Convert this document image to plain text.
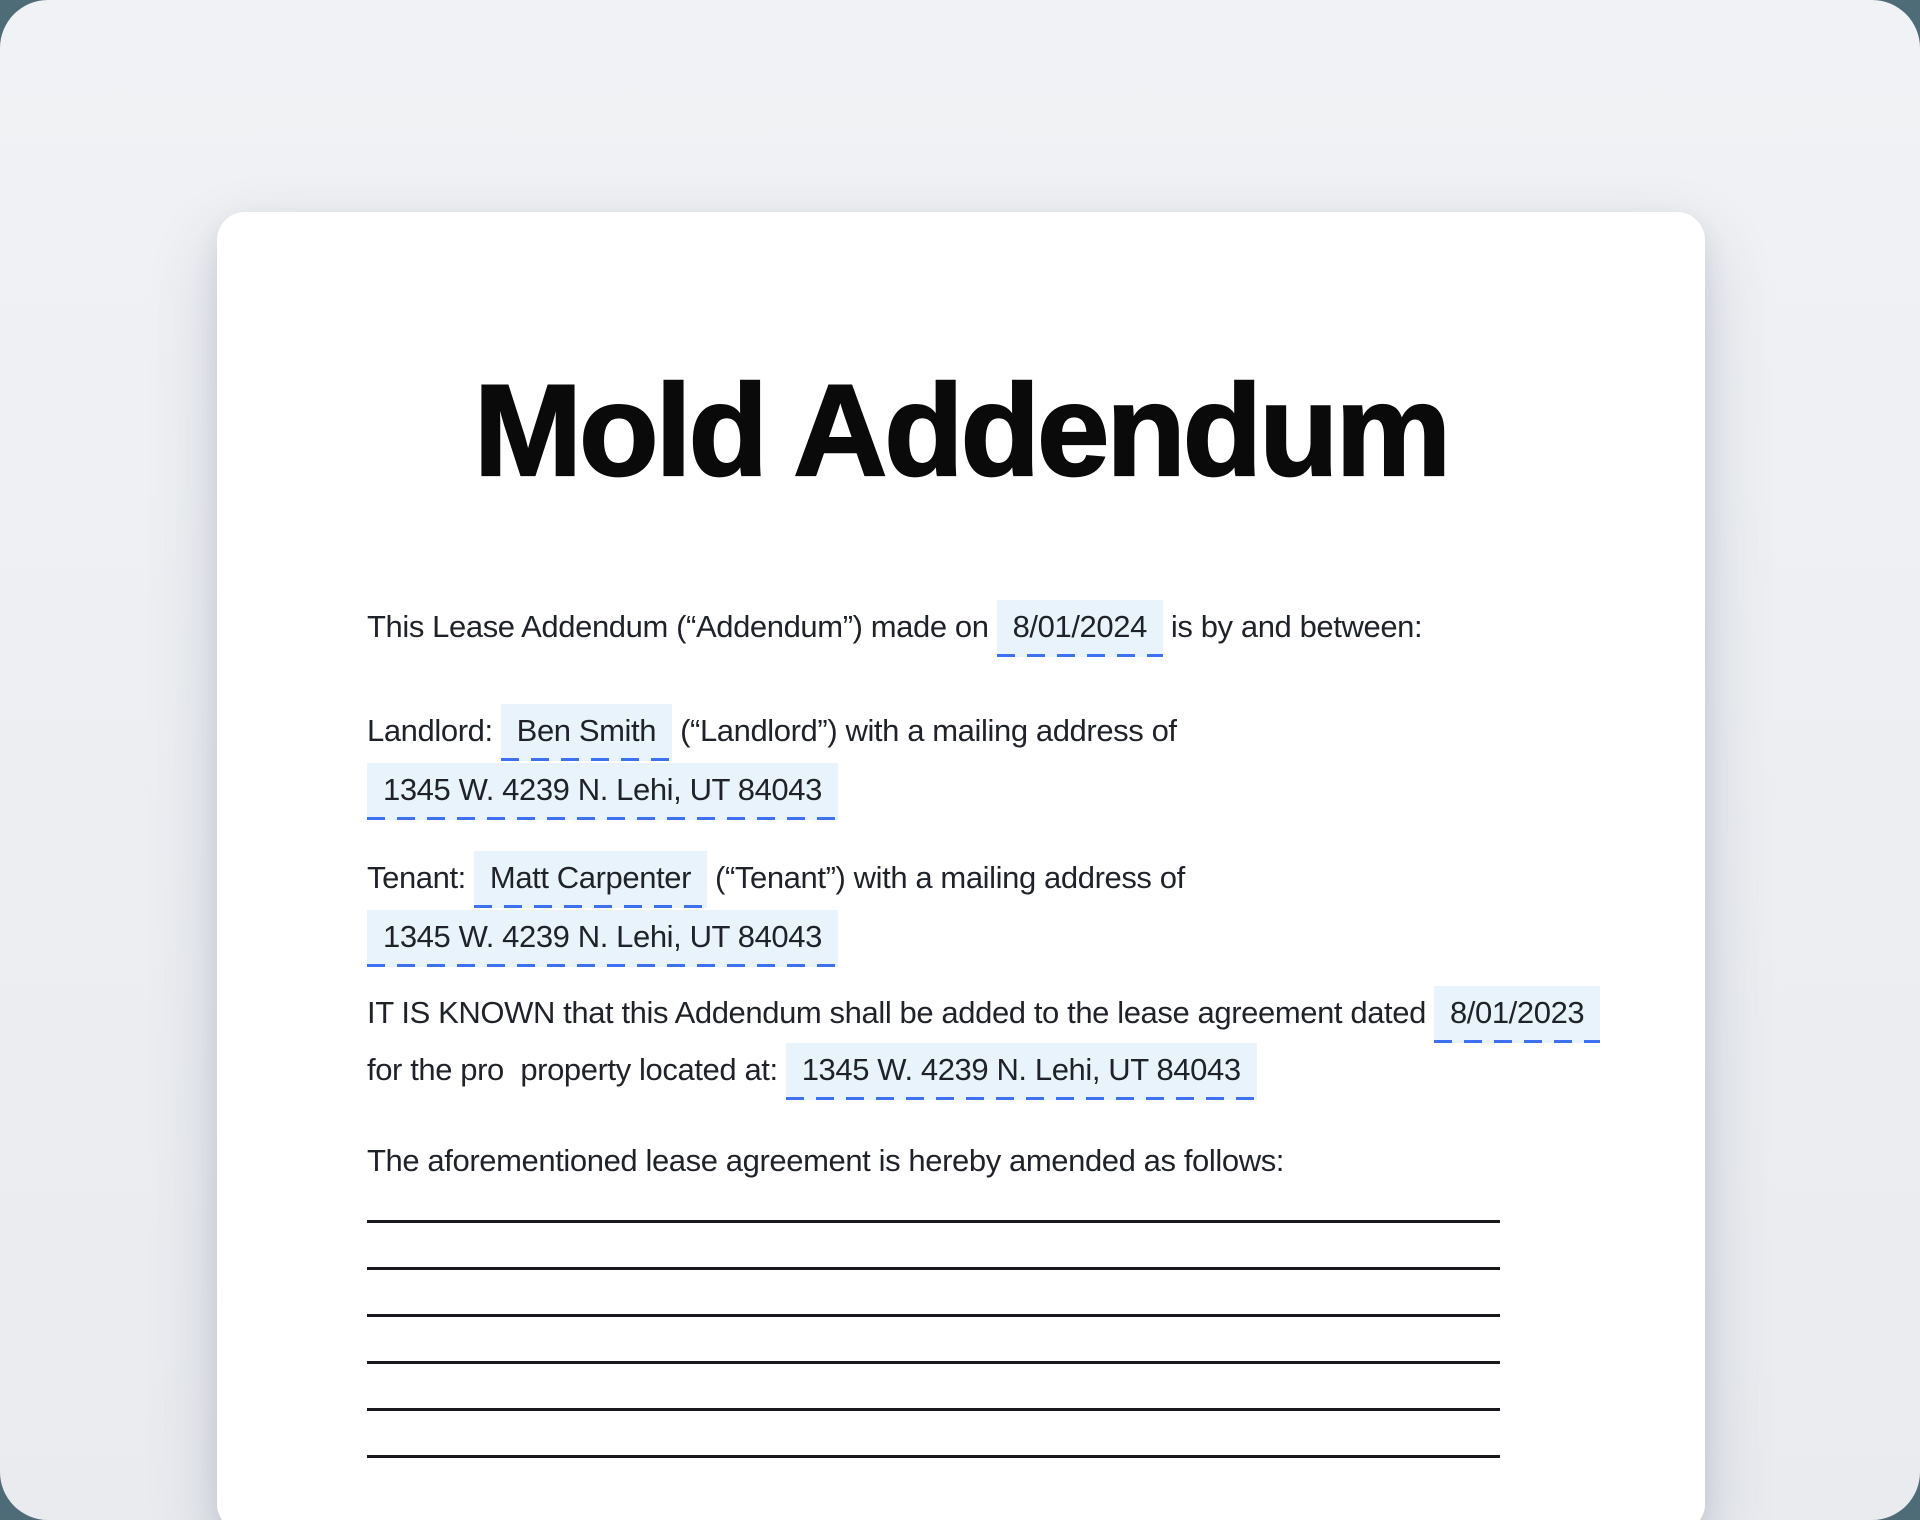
Mold Addendum

This Lease Addendum (“Addendum”) made on 8/01/2024 is by and between:

Landlord: Ben Smith (“Landlord”) with a mailing address of

1345 W. 4239 N. Lehi, UT 84043

Tenant: Matt Carpenter (“Tenant”) with a mailing address of

1345 W. 4239 N. Lehi, UT 84043

IT IS KNOWN that this Addendum shall be added to the lease agreement dated 8/01/2023
for the pro  property located at: 1345 W. 4239 N. Lehi, UT 84043

The aforementioned lease agreement is hereby amended as follows:
